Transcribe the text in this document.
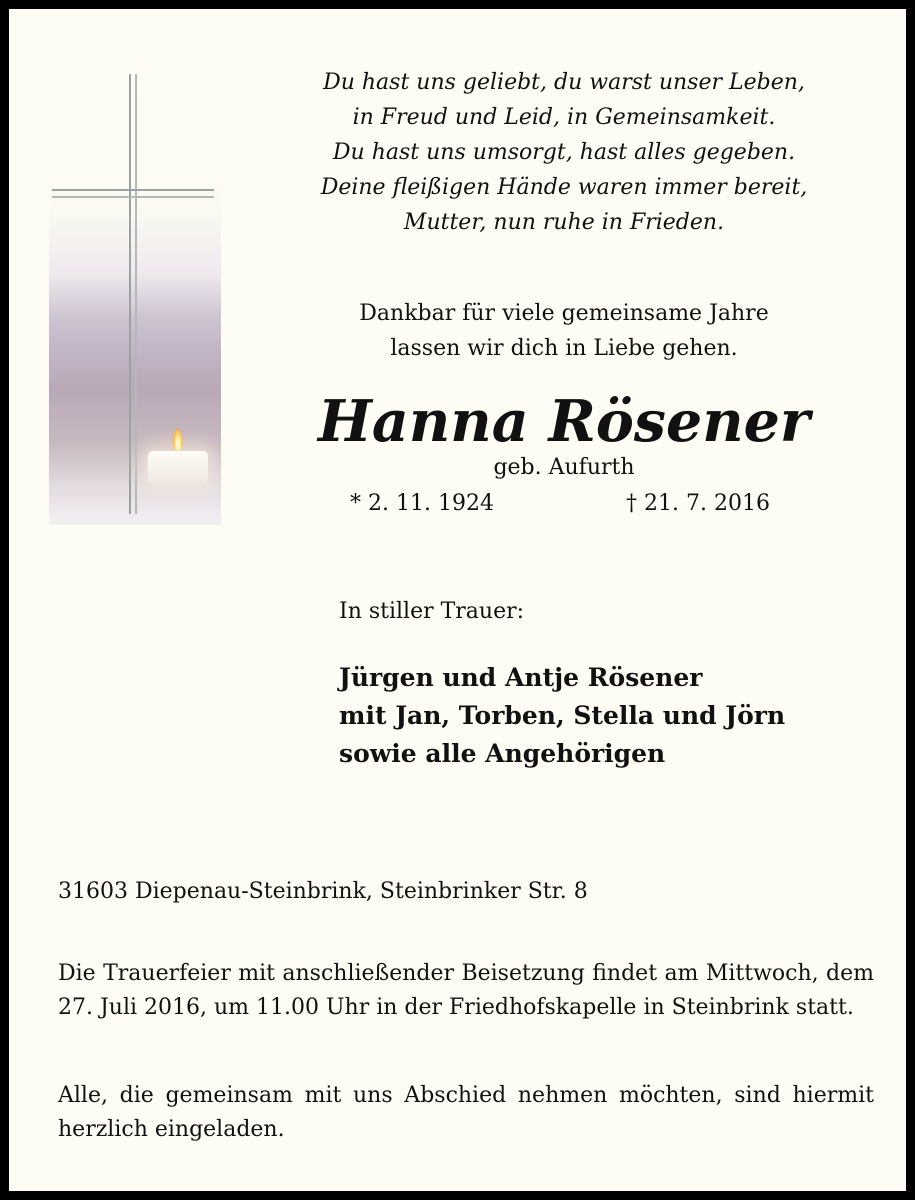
Du hast uns geliebt, du warst unser Leben,
in Freud und Leid, in Gemeinsamkeit.
Du hast uns umsorgt, hast alles gegeben.
Deine fleißigen Hände waren immer bereit,
Mutter, nun ruhe in Frieden.
Dankbar für viele gemeinsame Jahre
lassen wir dich in Liebe gehen.
Hanna Rösener
geb. Aufurth
* 2. 11. 1924	† 21. 7. 2016
In stiller Trauer:
Jürgen und Antje Rösener
mit Jan, Torben, Stella und Jörn
sowie alle Angehörigen
31603 Diepenau-Steinbrink, Steinbrinker Str. 8
Die Trauerfeier mit anschließender Beisetzung findet am Mittwoch, dem 27. Juli 2016, um 11.00 Uhr in der Friedhofskapelle in Steinbrink statt.
Alle, die gemeinsam mit uns Abschied nehmen möchten, sind hiermit herzlich eingeladen.
